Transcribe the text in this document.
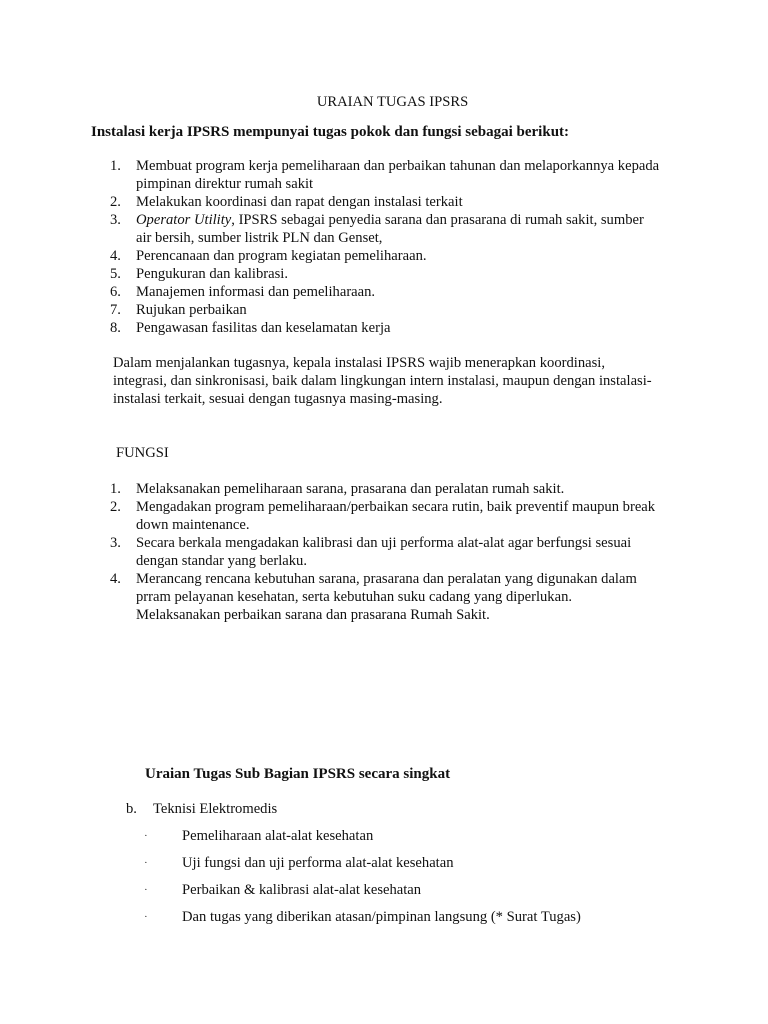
URAIAN TUGAS IPSRS
Instalasi kerja IPSRS mempunyai tugas pokok dan fungsi sebagai berikut:
1. Membuat program kerja pemeliharaan dan perbaikan tahunan dan melaporkannya kepada
pimpinan direktur rumah sakit
2. Melakukan koordinasi dan rapat dengan instalasi terkait
3. Operator Utility, IPSRS sebagai penyedia sarana dan prasarana di rumah sakit, sumber
air bersih, sumber listrik PLN dan Genset,
4. Perencanaan dan program kegiatan pemeliharaan.
5. Pengukuran dan kalibrasi.
6. Manajemen informasi dan pemeliharaan.
7. Rujukan perbaikan
8. Pengawasan fasilitas dan keselamatan kerja
Dalam menjalankan tugasnya, kepala instalasi IPSRS wajib menerapkan koordinasi,
integrasi, dan sinkronisasi, baik dalam lingkungan intern instalasi, maupun dengan instalasi-
instalasi terkait, sesuai dengan tugasnya masing-masing.
FUNGSI
1. Melaksanakan pemeliharaan sarana, prasarana dan peralatan rumah sakit.
2. Mengadakan program pemeliharaan/perbaikan secara rutin, baik preventif maupun break
down maintenance.
3. Secara berkala mengadakan kalibrasi dan uji performa alat-alat agar berfungsi sesuai
dengan standar yang berlaku.
4. Merancang rencana kebutuhan sarana, prasarana dan peralatan yang digunakan dalam
prram pelayanan kesehatan, serta kebutuhan suku cadang yang diperlukan.
Melaksanakan perbaikan sarana dan prasarana Rumah Sakit.
Uraian Tugas Sub Bagian IPSRS secara singkat
b. Teknisi Elektromedis
· Pemeliharaan alat-alat kesehatan
· Uji fungsi dan uji performa alat-alat kesehatan
· Perbaikan & kalibrasi alat-alat kesehatan
· Dan tugas yang diberikan atasan/pimpinan langsung (* Surat Tugas)
